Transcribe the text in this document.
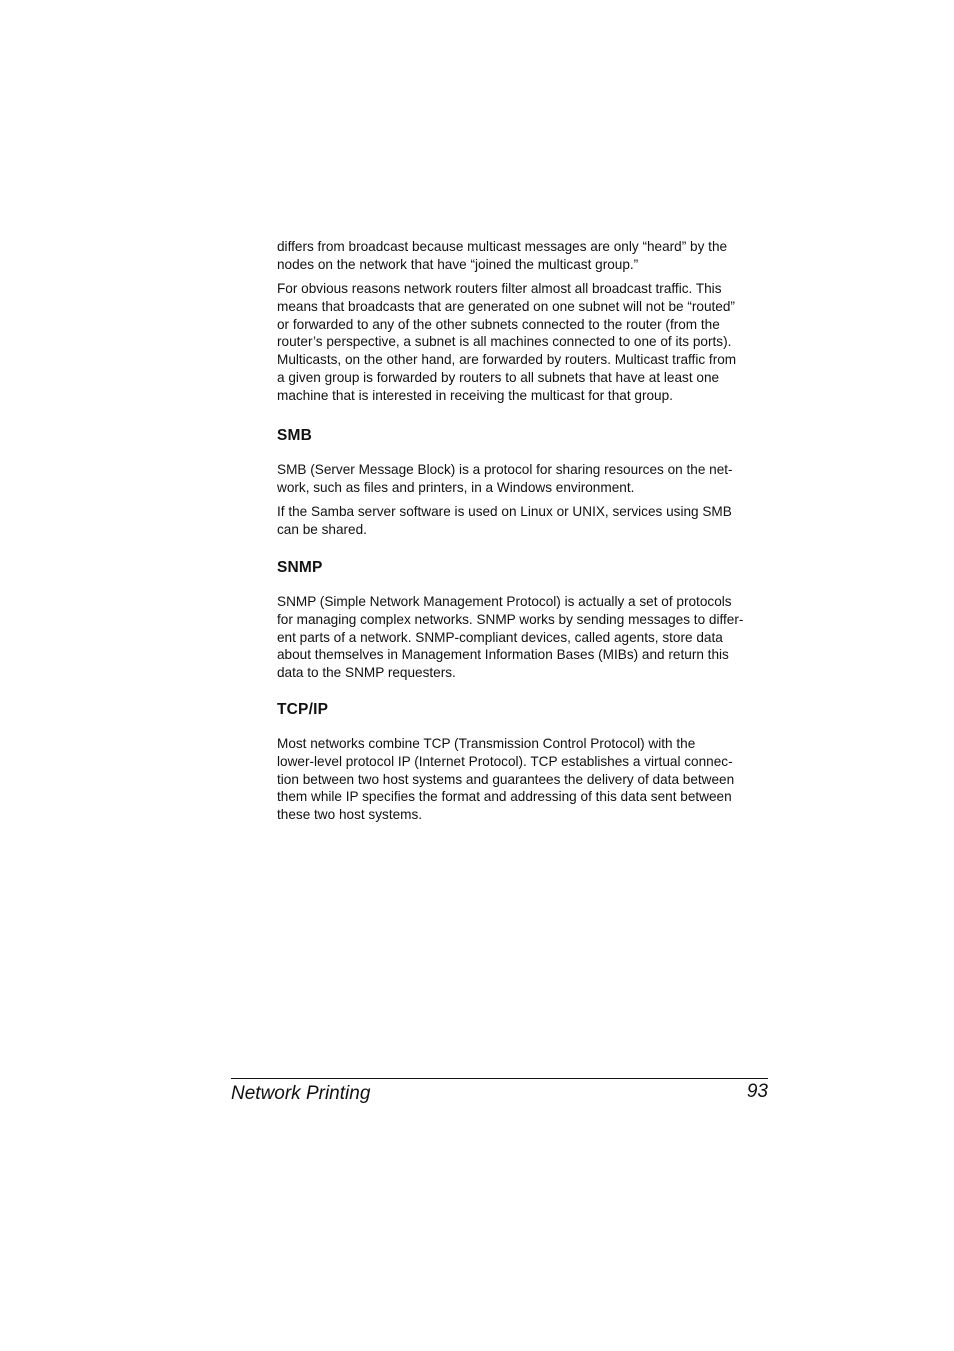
differs from broadcast because multicast messages are only “heard” by the
nodes on the network that have “joined the multicast group.”
For obvious reasons network routers filter almost all broadcast traffic. This
means that broadcasts that are generated on one subnet will not be “routed”
or forwarded to any of the other subnets connected to the router (from the
router’s perspective, a subnet is all machines connected to one of its ports).
Multicasts, on the other hand, are forwarded by routers. Multicast traffic from
a given group is forwarded by routers to all subnets that have at least one
machine that is interested in receiving the multicast for that group.
SMB
SMB (Server Message Block) is a protocol for sharing resources on the net-
work, such as files and printers, in a Windows environment.
If the Samba server software is used on Linux or UNIX, services using SMB
can be shared.
SNMP
SNMP (Simple Network Management Protocol) is actually a set of protocols
for managing complex networks. SNMP works by sending messages to differ-
ent parts of a network. SNMP-compliant devices, called agents, store data
about themselves in Management Information Bases (MIBs) and return this
data to the SNMP requesters.
TCP/IP
Most networks combine TCP (Transmission Control Protocol) with the
lower-level protocol IP (Internet Protocol). TCP establishes a virtual connec-
tion between two host systems and guarantees the delivery of data between
them while IP specifies the format and addressing of this data sent between
these two host systems.
Network Printing	93
